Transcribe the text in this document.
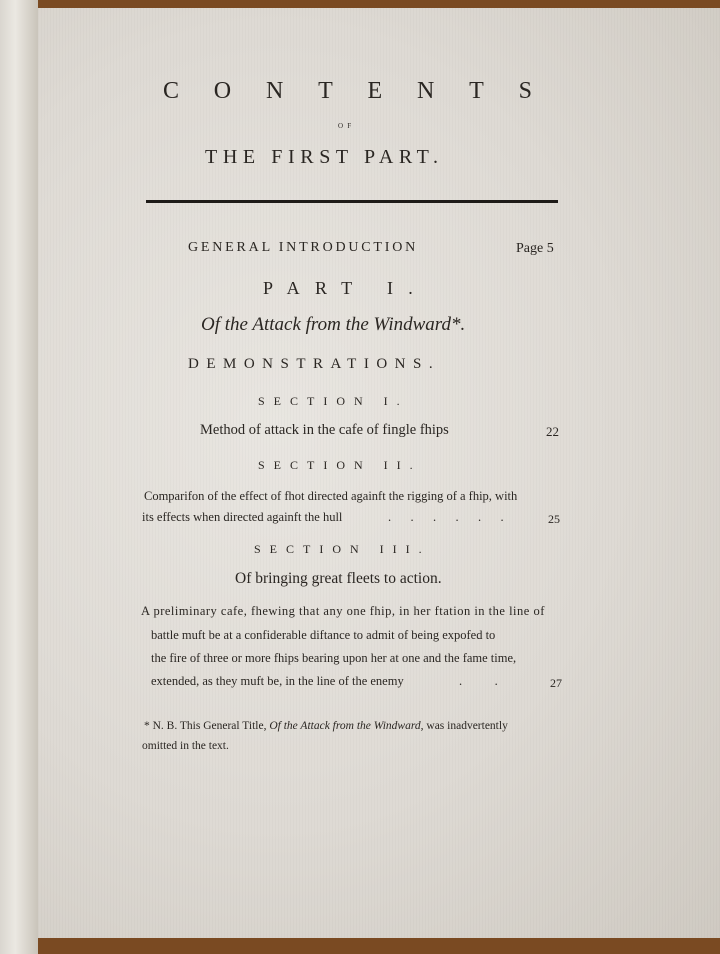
CONTENTS
OF
THE FIRST PART.
GENERAL INTRODUCTION	Page 5
PART I.
Of the Attack from the Windward*.
DEMONSTRATIONS.
SECTION I.
Method of attack in the cafe of fingle fhips	22
SECTION II.
Comparifon of the effect of fhot directed againft the rigging of a fhip, with
its effects when directed againft the hull	...... 25
SECTION III.
Of bringing great fleets to action.
A preliminary cafe, fhewing that any one fhip, in her ftation in the line of
battle muft be at a confiderable diftance to admit of being expofed to
the fire of three or more fhips bearing upon her at one and the fame time,
extended, as they muft be, in the line of the enemy	.. 27
* N. B. This General Title, Of the Attack from the Windward, was inadvertently
omitted in the text.
